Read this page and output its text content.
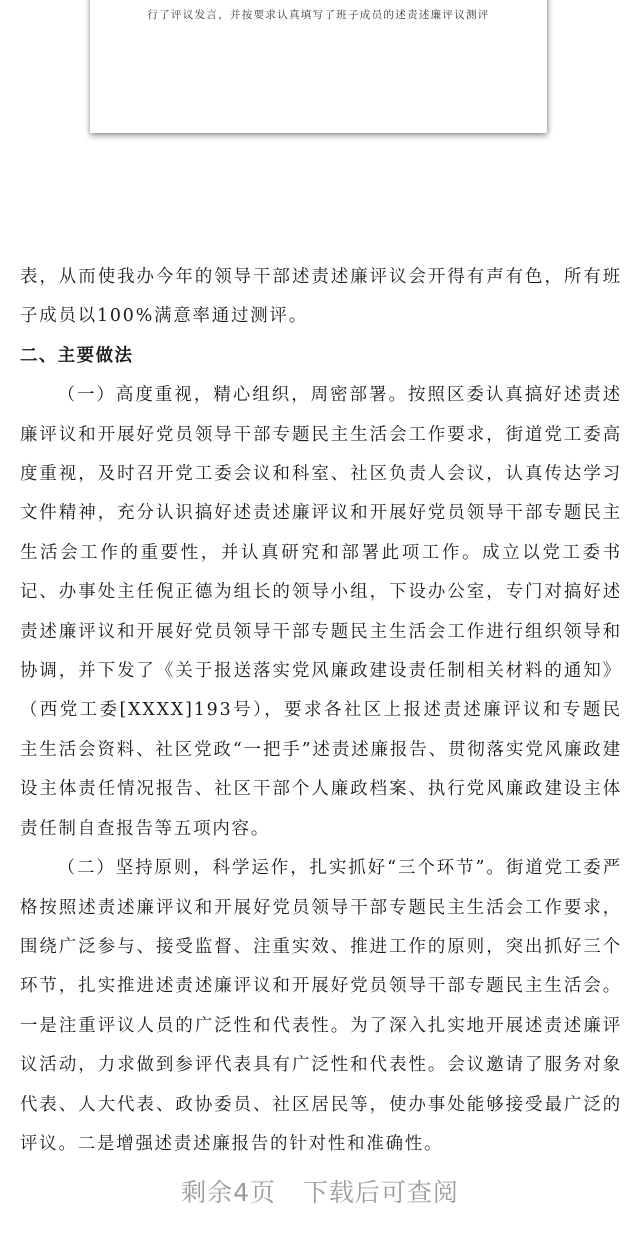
行了评议发言，并按要求认真填写了班子成员的述责述廉评议测评

表，从而使我办今年的领导干部述责述廉评议会开得有声有色，所有班子成员以100%满意率通过测评。

二、主要做法

（一）高度重视，精心组织，周密部署。按照区委认真搞好述责述廉评议和开展好党员领导干部专题民主生活会工作要求，街道党工委高度重视，及时召开党工委会议和科室、社区负责人会议，认真传达学习文件精神，充分认识搞好述责述廉评议和开展好党员领导干部专题民主生活会工作的重要性，并认真研究和部署此项工作。成立以党工委书记、办事处主任倪正德为组长的领导小组，下设办公室，专门对搞好述责述廉评议和开展好党员领导干部专题民主生活会工作进行组织领导和协调，并下发了《关于报送落实党风廉政建设责任制相关材料的通知》（西党工委[XXXX]193号），要求各社区上报述责述廉评议和专题民主生活会资料、社区党政“一把手”述责述廉报告、贯彻落实党风廉政建设主体责任情况报告、社区干部个人廉政档案、执行党风廉政建设主体责任制自查报告等五项内容。

（二）坚持原则，科学运作，扎实抓好“三个环节”。街道党工委严格按照述责述廉评议和开展好党员领导干部专题民主生活会工作要求，围绕广泛参与、接受监督、注重实效、推进工作的原则，突出抓好三个环节，扎实推进述责述廉评议和开展好党员领导干部专题民主生活会。一是注重评议人员的广泛性和代表性。为了深入扎实地开展述责述廉评议活动，力求做到参评代表具有广泛性和代表性。会议邀请了服务对象代表、人大代表、政协委员、社区居民等，使办事处能够接受最广泛的评议。二是增强述责述廉报告的针对性和准确性。

剩余4页   下载后可查阅
